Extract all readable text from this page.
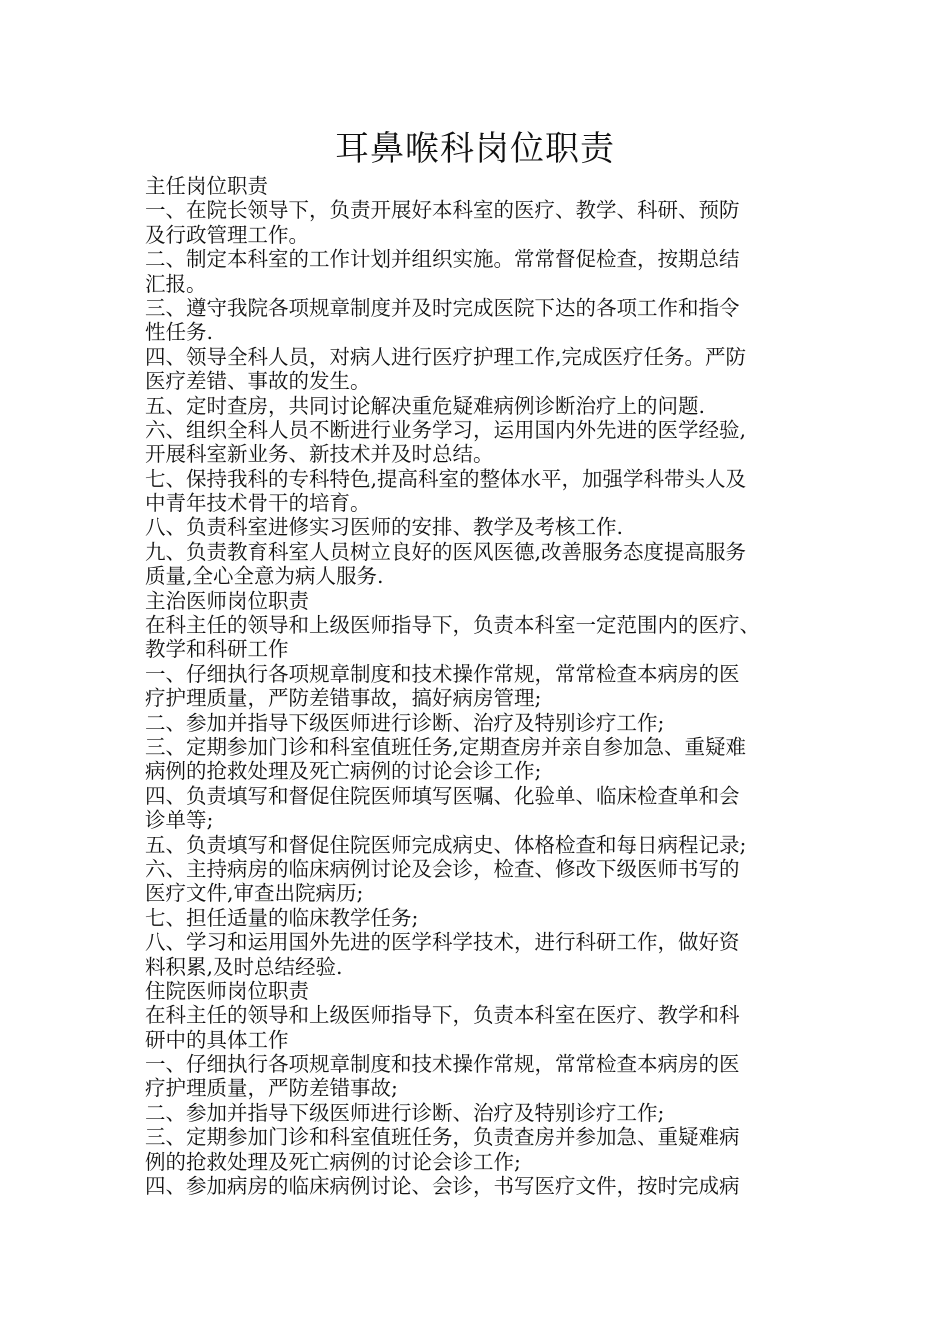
耳鼻喉科岗位职责
主任岗位职责
一、在院长领导下，负责开展好本科室的医疗、教学、科研、预防
及行政管理工作。
二、制定本科室的工作计划并组织实施。常常督促检查，按期总结
汇报。
三、遵守我院各项规章制度并及时完成医院下达的各项工作和指令
性任务.
四、领导全科人员，对病人进行医疗护理工作,完成医疗任务。严防
医疗差错、事故的发生。
五、定时查房，共同讨论解决重危疑难病例诊断治疗上的问题.
六、组织全科人员不断进行业务学习，运用国内外先进的医学经验,
开展科室新业务、新技术并及时总结。
七、保持我科的专科特色,提高科室的整体水平，加强学科带头人及
中青年技术骨干的培育。
八、负责科室进修实习医师的安排、教学及考核工作.
九、负责教育科室人员树立良好的医风医德,改善服务态度提高服务
质量,全心全意为病人服务.
主治医师岗位职责
在科主任的领导和上级医师指导下，负责本科室一定范围内的医疗、
教学和科研工作
一、仔细执行各项规章制度和技术操作常规，常常检查本病房的医
疗护理质量，严防差错事故，搞好病房管理;
二、参加并指导下级医师进行诊断、治疗及特别诊疗工作;
三、定期参加门诊和科室值班任务,定期查房并亲自参加急、重疑难
病例的抢救处理及死亡病例的讨论会诊工作;
四、负责填写和督促住院医师填写医嘱、化验单、临床检查单和会
诊单等;
五、负责填写和督促住院医师完成病史、体格检查和每日病程记录;
六、主持病房的临床病例讨论及会诊，检查、修改下级医师书写的
医疗文件,审查出院病历;
七、担任适量的临床教学任务;
八、学习和运用国外先进的医学科学技术，进行科研工作，做好资
料积累,及时总结经验.
住院医师岗位职责
在科主任的领导和上级医师指导下，负责本科室在医疗、教学和科
研中的具体工作
一、仔细执行各项规章制度和技术操作常规，常常检查本病房的医
疗护理质量，严防差错事故;
二、参加并指导下级医师进行诊断、治疗及特别诊疗工作;
三、定期参加门诊和科室值班任务，负责查房并参加急、重疑难病
例的抢救处理及死亡病例的讨论会诊工作;
四、参加病房的临床病例讨论、会诊，书写医疗文件，按时完成病
